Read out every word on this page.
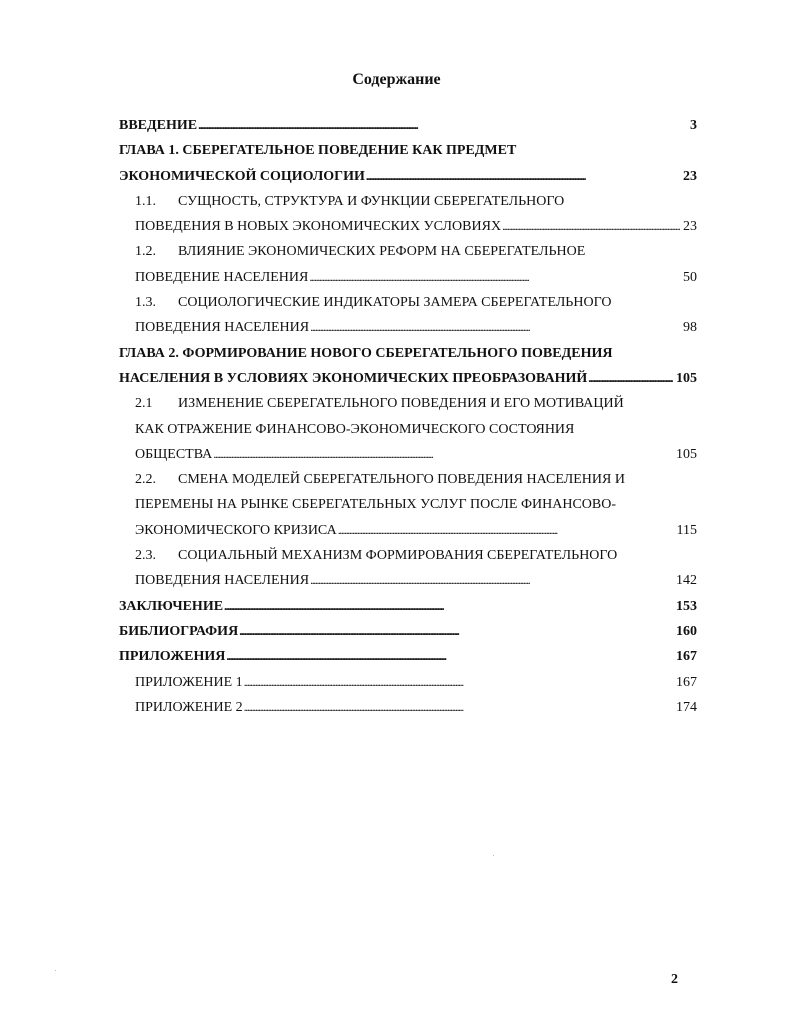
Содержание
ВВЕДЕНИЕ . . .	3
ГЛАВА 1. СБЕРЕГАТЕЛЬНОЕ ПОВЕДЕНИЕ КАК ПРЕДМЕТ
ЭКОНОМИЧЕСКОЙ СОЦИОЛОГИИ . . .	23
1.1. СУЩНОСТЬ, СТРУКТУРА И ФУНКЦИИ СБЕРЕГАТЕЛЬНОГО
ПОВЕДЕНИЯ В НОВЫХ ЭКОНОМИЧЕСКИХ УСЛОВИЯХ . . .	23
1.2. ВЛИЯНИЕ ЭКОНОМИЧЕСКИХ РЕФОРМ НА СБЕРЕГАТЕЛЬНОЕ
ПОВЕДЕНИЕ НАСЕЛЕНИЯ . . .	50
1.3. СОЦИОЛОГИЧЕСКИЕ ИНДИКАТОРЫ ЗАМЕРА СБЕРЕГАТЕЛЬНОГО
ПОВЕДЕНИЯ НАСЕЛЕНИЯ . . .	98
ГЛАВА 2. ФОРМИРОВАНИЕ НОВОГО СБЕРЕГАТЕЛЬНОГО ПОВЕДЕНИЯ
НАСЕЛЕНИЯ В УСЛОВИЯХ ЭКОНОМИЧЕСКИХ ПРЕОБРАЗОВАНИЙ . . .	105
2.1 ИЗМЕНЕНИЕ СБЕРЕГАТЕЛЬНОГО ПОВЕДЕНИЯ И ЕГО МОТИВАЦИЙ
КАК ОТРАЖЕНИЕ ФИНАНСОВО-ЭКОНОМИЧЕСКОГО СОСТОЯНИЯ
ОБЩЕСТВА . . .	105
2.2. СМЕНА МОДЕЛЕЙ СБЕРЕГАТЕЛЬНОГО ПОВЕДЕНИЯ НАСЕЛЕНИЯ И
ПЕРЕМЕНЫ НА РЫНКЕ СБЕРЕГАТЕЛЬНЫХ УСЛУГ ПОСЛЕ ФИНАНСОВО-
ЭКОНОМИЧЕСКОГО КРИЗИСА . . .	115
2.3. СОЦИАЛЬНЫЙ МЕХАНИЗМ ФОРМИРОВАНИЯ СБЕРЕГАТЕЛЬНОГО
ПОВЕДЕНИЯ НАСЕЛЕНИЯ . . .	142
ЗАКЛЮЧЕНИЕ . . .	153
БИБЛИОГРАФИЯ . . .	160
ПРИЛОЖЕНИЯ . . .	167
ПРИЛОЖЕНИЕ 1 . . .	167
ПРИЛОЖЕНИЕ 2 . . .	174
2
